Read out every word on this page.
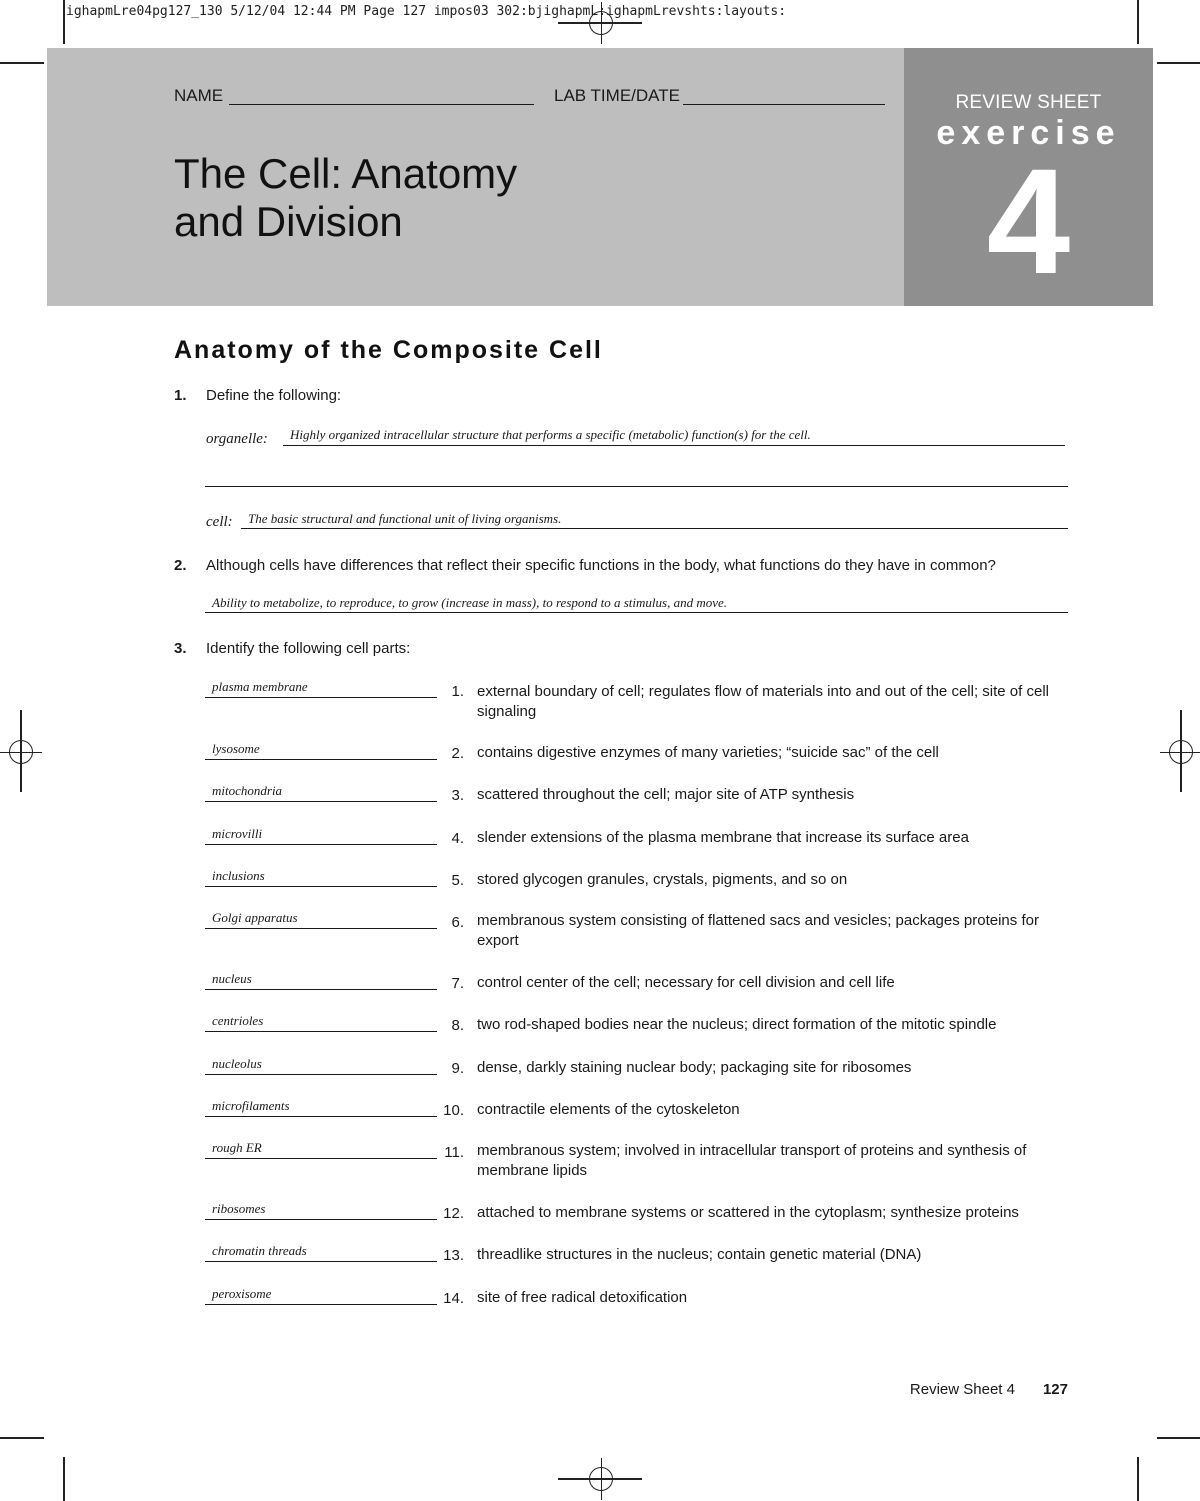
ighapmLre04pg127_130 5/12/04 12:44 PM Page 127 impos03 302:bjighapmL:ighapmLrevshts:layouts:
REVIEW SHEET
exercise
4
NAME	LAB TIME/DATE
The Cell: Anatomy
and Division
Anatomy of the Composite Cell
1. Define the following:
organelle: Highly organized intracellular structure that performs a specific (metabolic) function(s) for the cell.
cell: The basic structural and functional unit of living organisms.
2. Although cells have differences that reflect their specific functions in the body, what functions do they have in common?
Ability to metabolize, to reproduce, to grow (increase in mass), to respond to a stimulus, and move.
3. Identify the following cell parts:
plasma membrane	1. external boundary of cell; regulates flow of materials into and out of the cell; site of cell signaling
lysosome	2. contains digestive enzymes of many varieties; “suicide sac” of the cell
mitochondria	3. scattered throughout the cell; major site of ATP synthesis
microvilli	4. slender extensions of the plasma membrane that increase its surface area
inclusions	5. stored glycogen granules, crystals, pigments, and so on
Golgi apparatus	6. membranous system consisting of flattened sacs and vesicles; packages proteins for export
nucleus	7. control center of the cell; necessary for cell division and cell life
centrioles	8. two rod-shaped bodies near the nucleus; direct formation of the mitotic spindle
nucleolus	9. dense, darkly staining nuclear body; packaging site for ribosomes
microfilaments	10. contractile elements of the cytoskeleton
rough ER	11. membranous system; involved in intracellular transport of proteins and synthesis of membrane lipids
ribosomes	12. attached to membrane systems or scattered in the cytoplasm; synthesize proteins
chromatin threads	13. threadlike structures in the nucleus; contain genetic material (DNA)
peroxisome	14. site of free radical detoxification
Review Sheet 4 127
